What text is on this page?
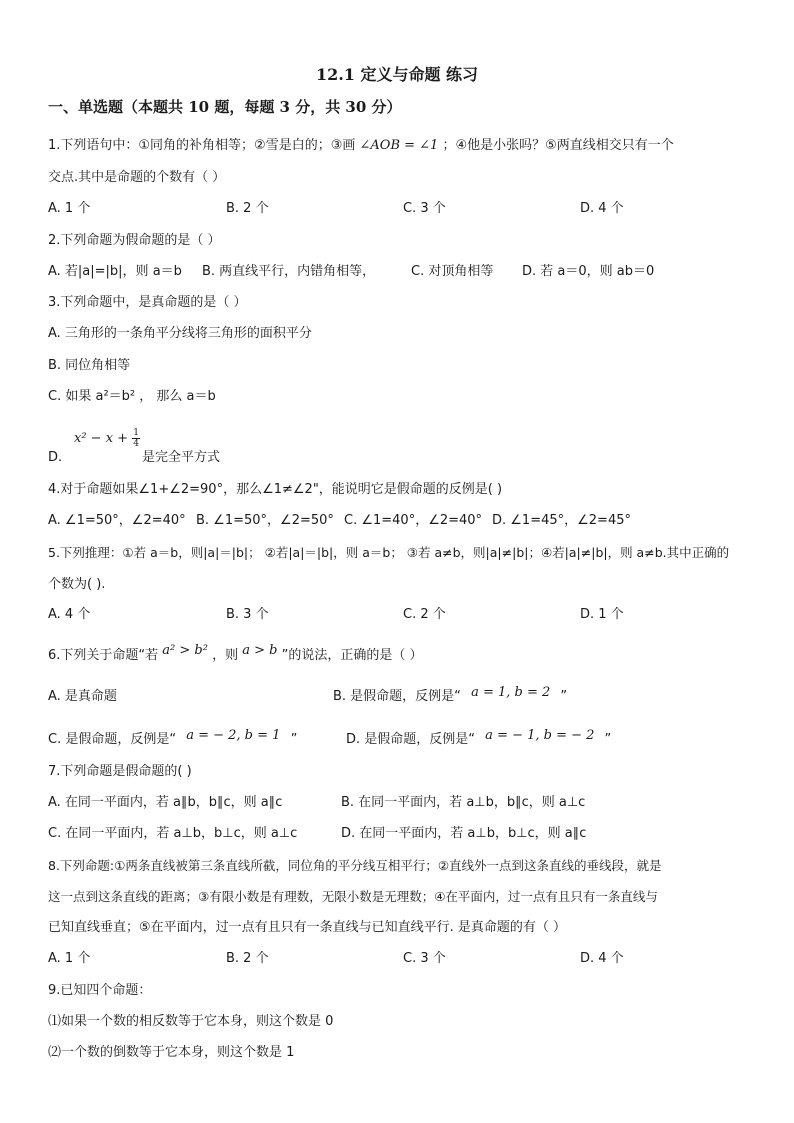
12.1 定义与命题 练习
一、单选题（本题共 10 题，每题 3 分，共 30 分）
1.下列语句中：①同角的补角相等；②雪是白的；③画 ∠AOB = ∠1 ；④他是小张吗？⑤两直线相交只有一个
交点.其中是命题的个数有（ ）
A. 1 个	B. 2 个	C. 3 个	D. 4 个
2.下列命题为假命题的是（ ）
A. 若|a|=|b|，则 a＝b B. 两直线平行，内错角相等，	C. 对顶角相等 D. 若 a＝0，则 ab＝0
3.下列命题中，是真命题的是（ ）
A. 三角形的一条角平分线将三角形的面积平分
B. 同位角相等
C. 如果 a²＝b² ， 那么 a＝b
D.
$x^2 - x + \frac{1}{4}$
是完全平方式
4.对于命题如果∠1+∠2=90°，那么∠1≠∠2"，能说明它是假命题的反例是( )
A. ∠1=50°，∠2=40° B. ∠1=50°，∠2=50° C. ∠1=40°，∠2=40° D. ∠1=45°，∠2=45°
5.下列推理：①若 a＝b，则|a|＝|b|； ②若|a|＝|b|，则 a＝b； ③若 a≠b，则|a|≠|b|；④若|a|≠|b|，则 a≠b.其中正确的
个数为( ).
A. 4 个	B. 3 个	C. 2 个	D. 1 个
6.下列关于命题“若 a² > b² ，则 a > b ”的说法，正确的是（ ）
A. 是真命题	B. 是假命题，反例是“ a = 1, b = 2 ”
C. 是假命题，反例是“ a = − 2, b = 1 ”	D. 是假命题，反例是“ a = − 1, b = − 2 ”
7.下列命题是假命题的( )
A. 在同一平面内，若 a∥b，b∥c，则 a∥c	B. 在同一平面内，若 a⊥b，b∥c，则 a⊥c
C. 在同一平面内，若 a⊥b，b⊥c，则 a⊥c	D. 在同一平面内，若 a⊥b，b⊥c，则 a∥c
8.下列命题:①两条直线被第三条直线所截，同位角的平分线互相平行；②直线外一点到这条直线的垂线段，就是
这一点到这条直线的距离；③有限小数是有理数，无限小数是无理数；④在平面内，过一点有且只有一条直线与
已知直线垂直；⑤在平面内，过一点有且只有一条直线与已知直线平行. 是真命题的有（ ）
A. 1 个	B. 2 个	C. 3 个	D. 4 个
9.已知四个命题：
⑴如果一个数的相反数等于它本身，则这个数是 0
⑵一个数的倒数等于它本身，则这个数是 1
